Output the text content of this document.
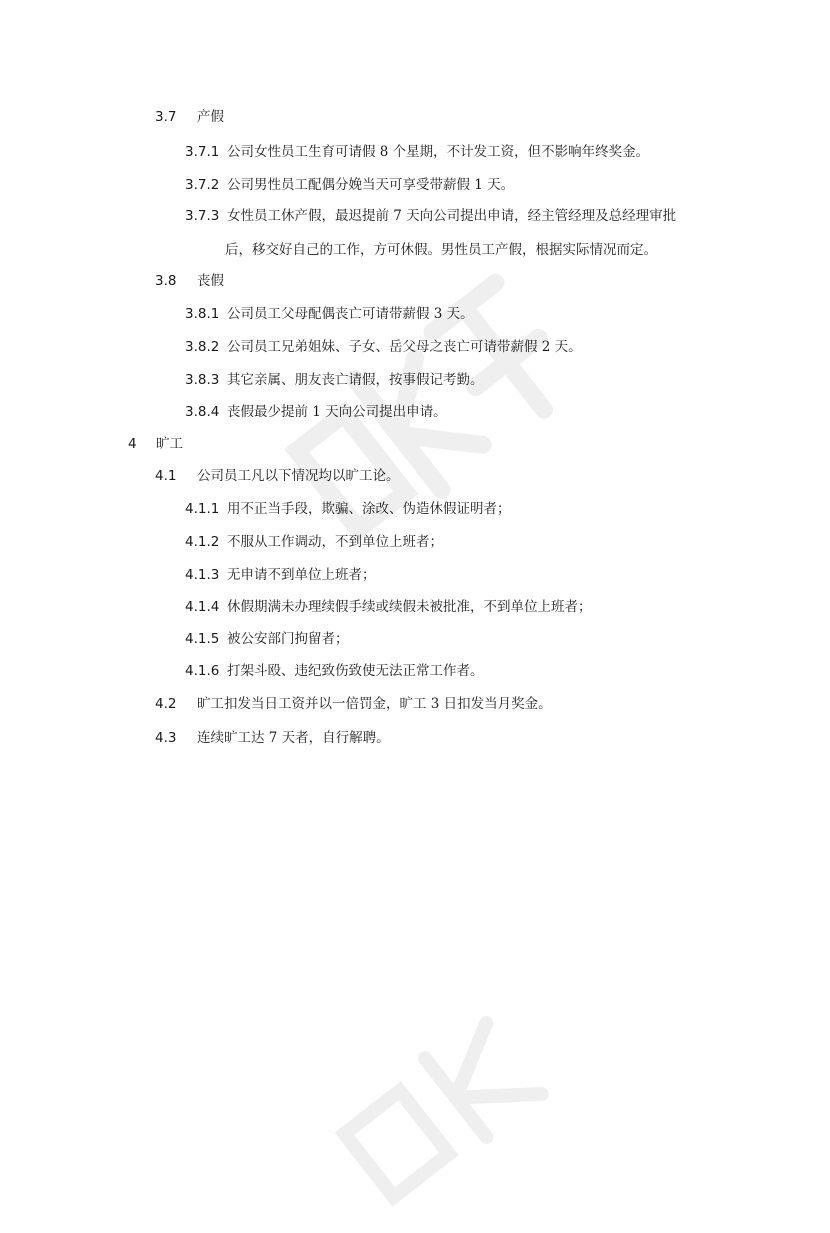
3.7 产假
3.7.1 公司女性员工生育可请假 8 个星期，不计发工资，但不影响年终奖金。
3.7.2 公司男性员工配偶分娩当天可享受带薪假 1 天。
3.7.3 女性员工休产假，最迟提前 7 天向公司提出申请，经主管经理及总经理审批
后，移交好自己的工作，方可休假。男性员工产假，根据实际情况而定。
3.8 丧假
3.8.1 公司员工父母配偶丧亡可请带薪假 3 天。
3.8.2 公司员工兄弟姐妹、子女、岳父母之丧亡可请带薪假 2 天。
3.8.3 其它亲属、朋友丧亡请假，按事假记考勤。
3.8.4 丧假最少提前 1 天向公司提出申请。
4 旷工
4.1 公司员工凡以下情况均以旷工论。
4.1.1 用不正当手段，欺骗、涂改、伪造休假证明者；
4.1.2 不服从工作调动，不到单位上班者；
4.1.3 无申请不到单位上班者；
4.1.4 休假期满未办理续假手续或续假未被批准，不到单位上班者；
4.1.5 被公安部门拘留者；
4.1.6 打架斗殴、违纪致伤致使无法正常工作者。
4.2 旷工扣发当日工资并以一倍罚金，旷工 3 日扣发当月奖金。
4.3 连续旷工达 7 天者，自行解聘。
